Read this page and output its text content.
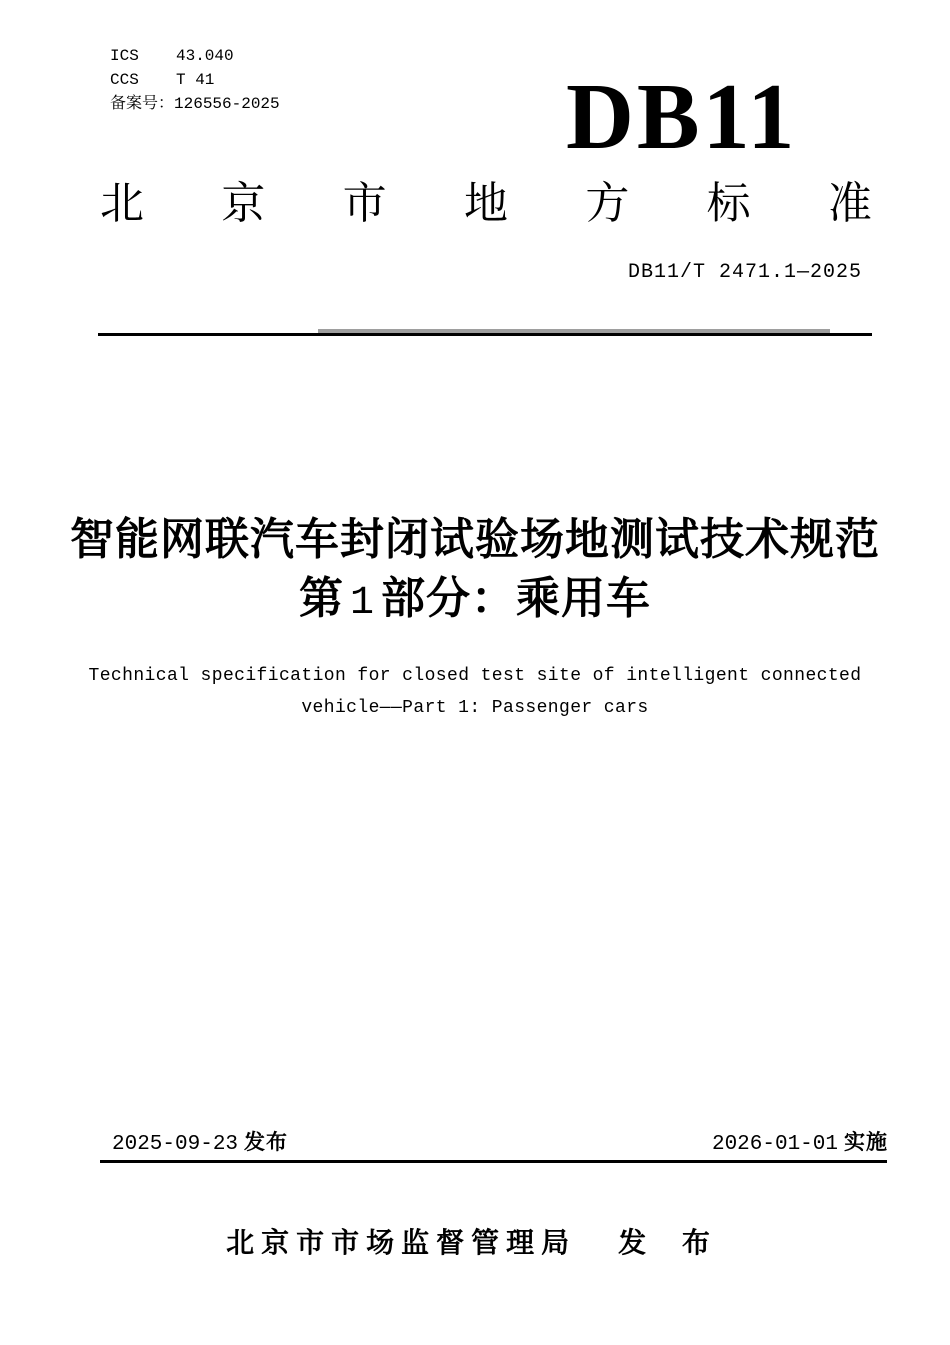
ICS	43.040
CCS	T 41
备案号： 126556-2025	DB11
北 京 市 地 方 标 准
DB11/T 2471.1—2025
智能网联汽车封闭试验场地测试技术规范
第 1 部分：乘用车
Technical specification for closed test site of intelligent connected
vehicle——Part 1: Passenger cars
2025-09-23 发布	2026-01-01 实施
北京市市场监督管理局 发 布
